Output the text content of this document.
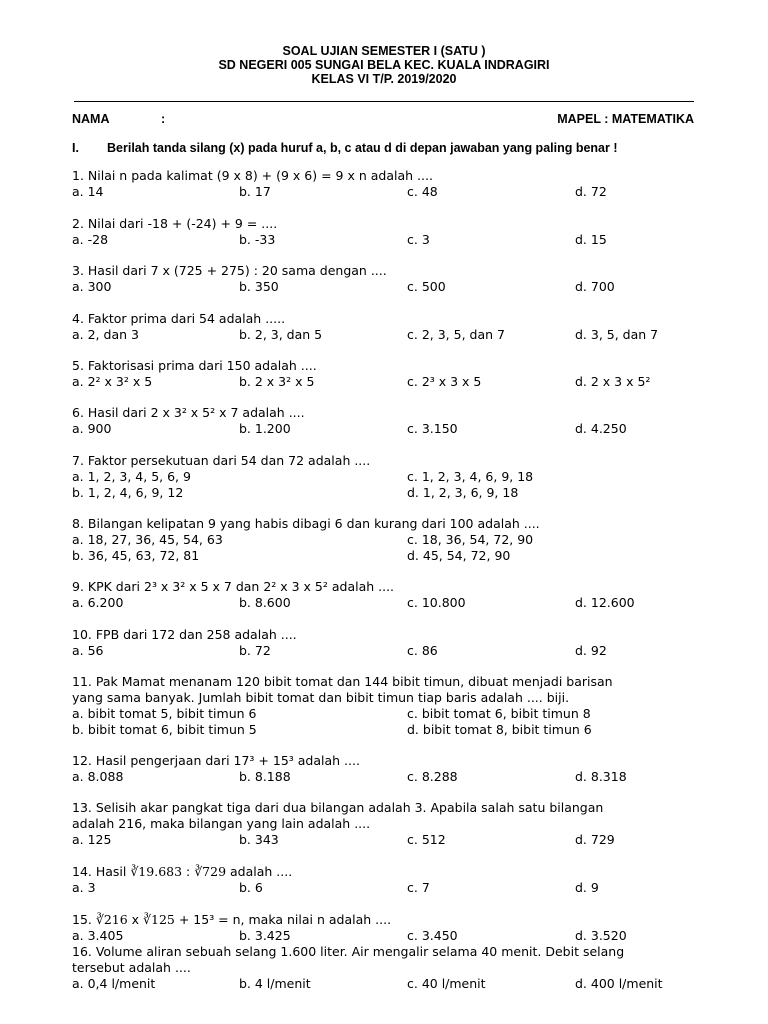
SOAL UJIAN SEMESTER I (SATU )
SD NEGERI 005 SUNGAI BELA KEC. KUALA INDRAGIRI
KELAS VI T/P. 2019/2020
NAMA	:	MAPEL : MATEMATIKA
I. Berilah tanda silang (x) pada huruf a, b, c atau d di depan jawaban yang paling benar !
1. Nilai n pada kalimat (9 x 8) + (9 x 6) = 9 x n adalah ....
a. 14	b. 17	c. 48	d. 72
2. Nilai dari -18 + (-24) + 9 = ....
a. -28	b. -33	c. 3	d. 15
3. Hasil dari 7 x (725 + 275) : 20 sama dengan ....
a. 300	b. 350	c. 500	d. 700
4. Faktor prima dari 54 adalah .....
a. 2, dan 3	b. 2, 3, dan 5	c. 2, 3, 5, dan 7	d. 3, 5, dan 7
5. Faktorisasi prima dari 150 adalah ....
a. 2² x 3² x 5	b. 2 x 3² x 5	c. 2³ x 3 x 5	d. 2 x 3 x 5²
6. Hasil dari 2 x 3² x 5² x 7 adalah ....
a. 900	b. 1.200	c. 3.150	d. 4.250
7. Faktor persekutuan dari 54 dan 72 adalah ....
a. 1, 2, 3, 4, 5, 6, 9	c. 1, 2, 3, 4, 6, 9, 18
b. 1, 2, 4, 6, 9, 12	d. 1, 2, 3, 6, 9, 18
8. Bilangan kelipatan 9 yang habis dibagi 6 dan kurang dari 100 adalah ....
a. 18, 27, 36, 45, 54, 63	c. 18, 36, 54, 72, 90
b. 36, 45, 63, 72, 81	d. 45, 54, 72, 90
9. KPK dari 2³ x 3² x 5 x 7 dan 2² x 3 x 5² adalah ....
a. 6.200	b. 8.600	c. 10.800	d. 12.600
10. FPB dari 172 dan 258 adalah ....
a. 56	b. 72	c. 86	d. 92
11. Pak Mamat menanam 120 bibit tomat dan 144 bibit timun, dibuat menjadi barisan
yang sama banyak. Jumlah bibit tomat dan bibit timun tiap baris adalah .... biji.
a. bibit tomat 5, bibit timun 6	c. bibit tomat 6, bibit timun 8
b. bibit tomat 6, bibit timun 5	d. bibit tomat 8, bibit timun 6
12. Hasil pengerjaan dari 17³ + 15³ adalah ....
a. 8.088	b. 8.188	c. 8.288	d. 8.318
13. Selisih akar pangkat tiga dari dua bilangan adalah 3. Apabila salah satu bilangan
adalah 216, maka bilangan yang lain adalah ....
a. 125	b. 343	c. 512	d. 729
14. Hasil ∛19.683 : ∛729 adalah ....
a. 3	b. 6	c. 7	d. 9
15. ∛216 x ∛125 + 15³ = n, maka nilai n adalah ....
a. 3.405	b. 3.425	c. 3.450	d. 3.520
16. Volume aliran sebuah selang 1.600 liter. Air mengalir selama 40 menit. Debit selang
tersebut adalah ....
a. 0,4 l/menit	b. 4 l/menit	c. 40 l/menit	d. 400 l/menit
